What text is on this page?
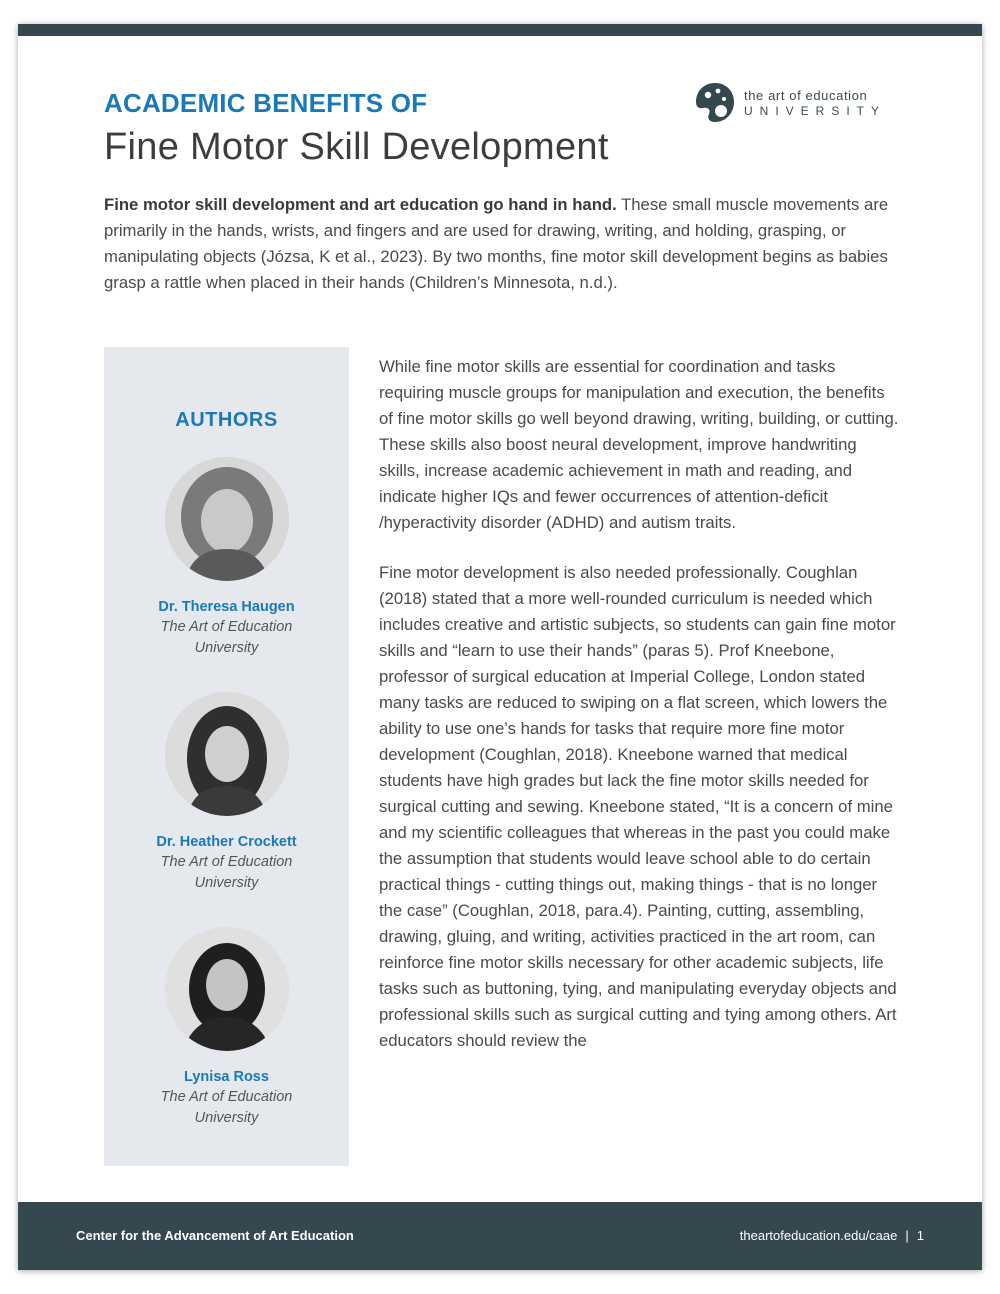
ACADEMIC BENEFITS OF
Fine Motor Skill Development
the art of education
UNIVERSITY

Fine motor skill development and art education go hand in hand. These small muscle movements are primarily in the hands, wrists, and fingers and are used for drawing, writing, and holding, grasping, or manipulating objects (Józsa, K et al., 2023). By two months, fine motor skill development begins as babies grasp a rattle when placed in their hands (Children’s Minnesota, n.d.).

AUTHORS
Dr. Theresa Haugen
The Art of Education
University
Dr. Heather Crockett
The Art of Education
University
Lynisa Ross
The Art of Education
University

While fine motor skills are essential for coordination and tasks requiring muscle groups for manipulation and execution, the benefits of fine motor skills go well beyond drawing, writing, building, or cutting. These skills also boost neural development, improve handwriting skills, increase academic achievement in math and reading, and indicate higher IQs and fewer occurrences of attention-deficit /hyperactivity disorder (ADHD) and autism traits.

Fine motor development is also needed professionally. Coughlan (2018) stated that a more well-rounded curriculum is needed which includes creative and artistic subjects, so students can gain fine motor skills and “learn to use their hands” (paras 5). Prof Kneebone, professor of surgical education at Imperial College, London stated many tasks are reduced to swiping on a flat screen, which lowers the ability to use one’s hands for tasks that require more fine motor development (Coughlan, 2018). Kneebone warned that medical students have high grades but lack the fine motor skills needed for surgical cutting and sewing. Kneebone stated, “It is a concern of mine and my scientific colleagues that whereas in the past you could make the assumption that students would leave school able to do certain practical things - cutting things out, making things - that is no longer the case” (Coughlan, 2018, para.4). Painting, cutting, assembling, drawing, gluing, and writing, activities practiced in the art room, can reinforce fine motor skills necessary for other academic subjects, life tasks such as buttoning, tying, and manipulating everyday objects and professional skills such as surgical cutting and tying among others. Art educators should review the

Center for the Advancement of Art Education	theartofeducation.edu/caae | 1
